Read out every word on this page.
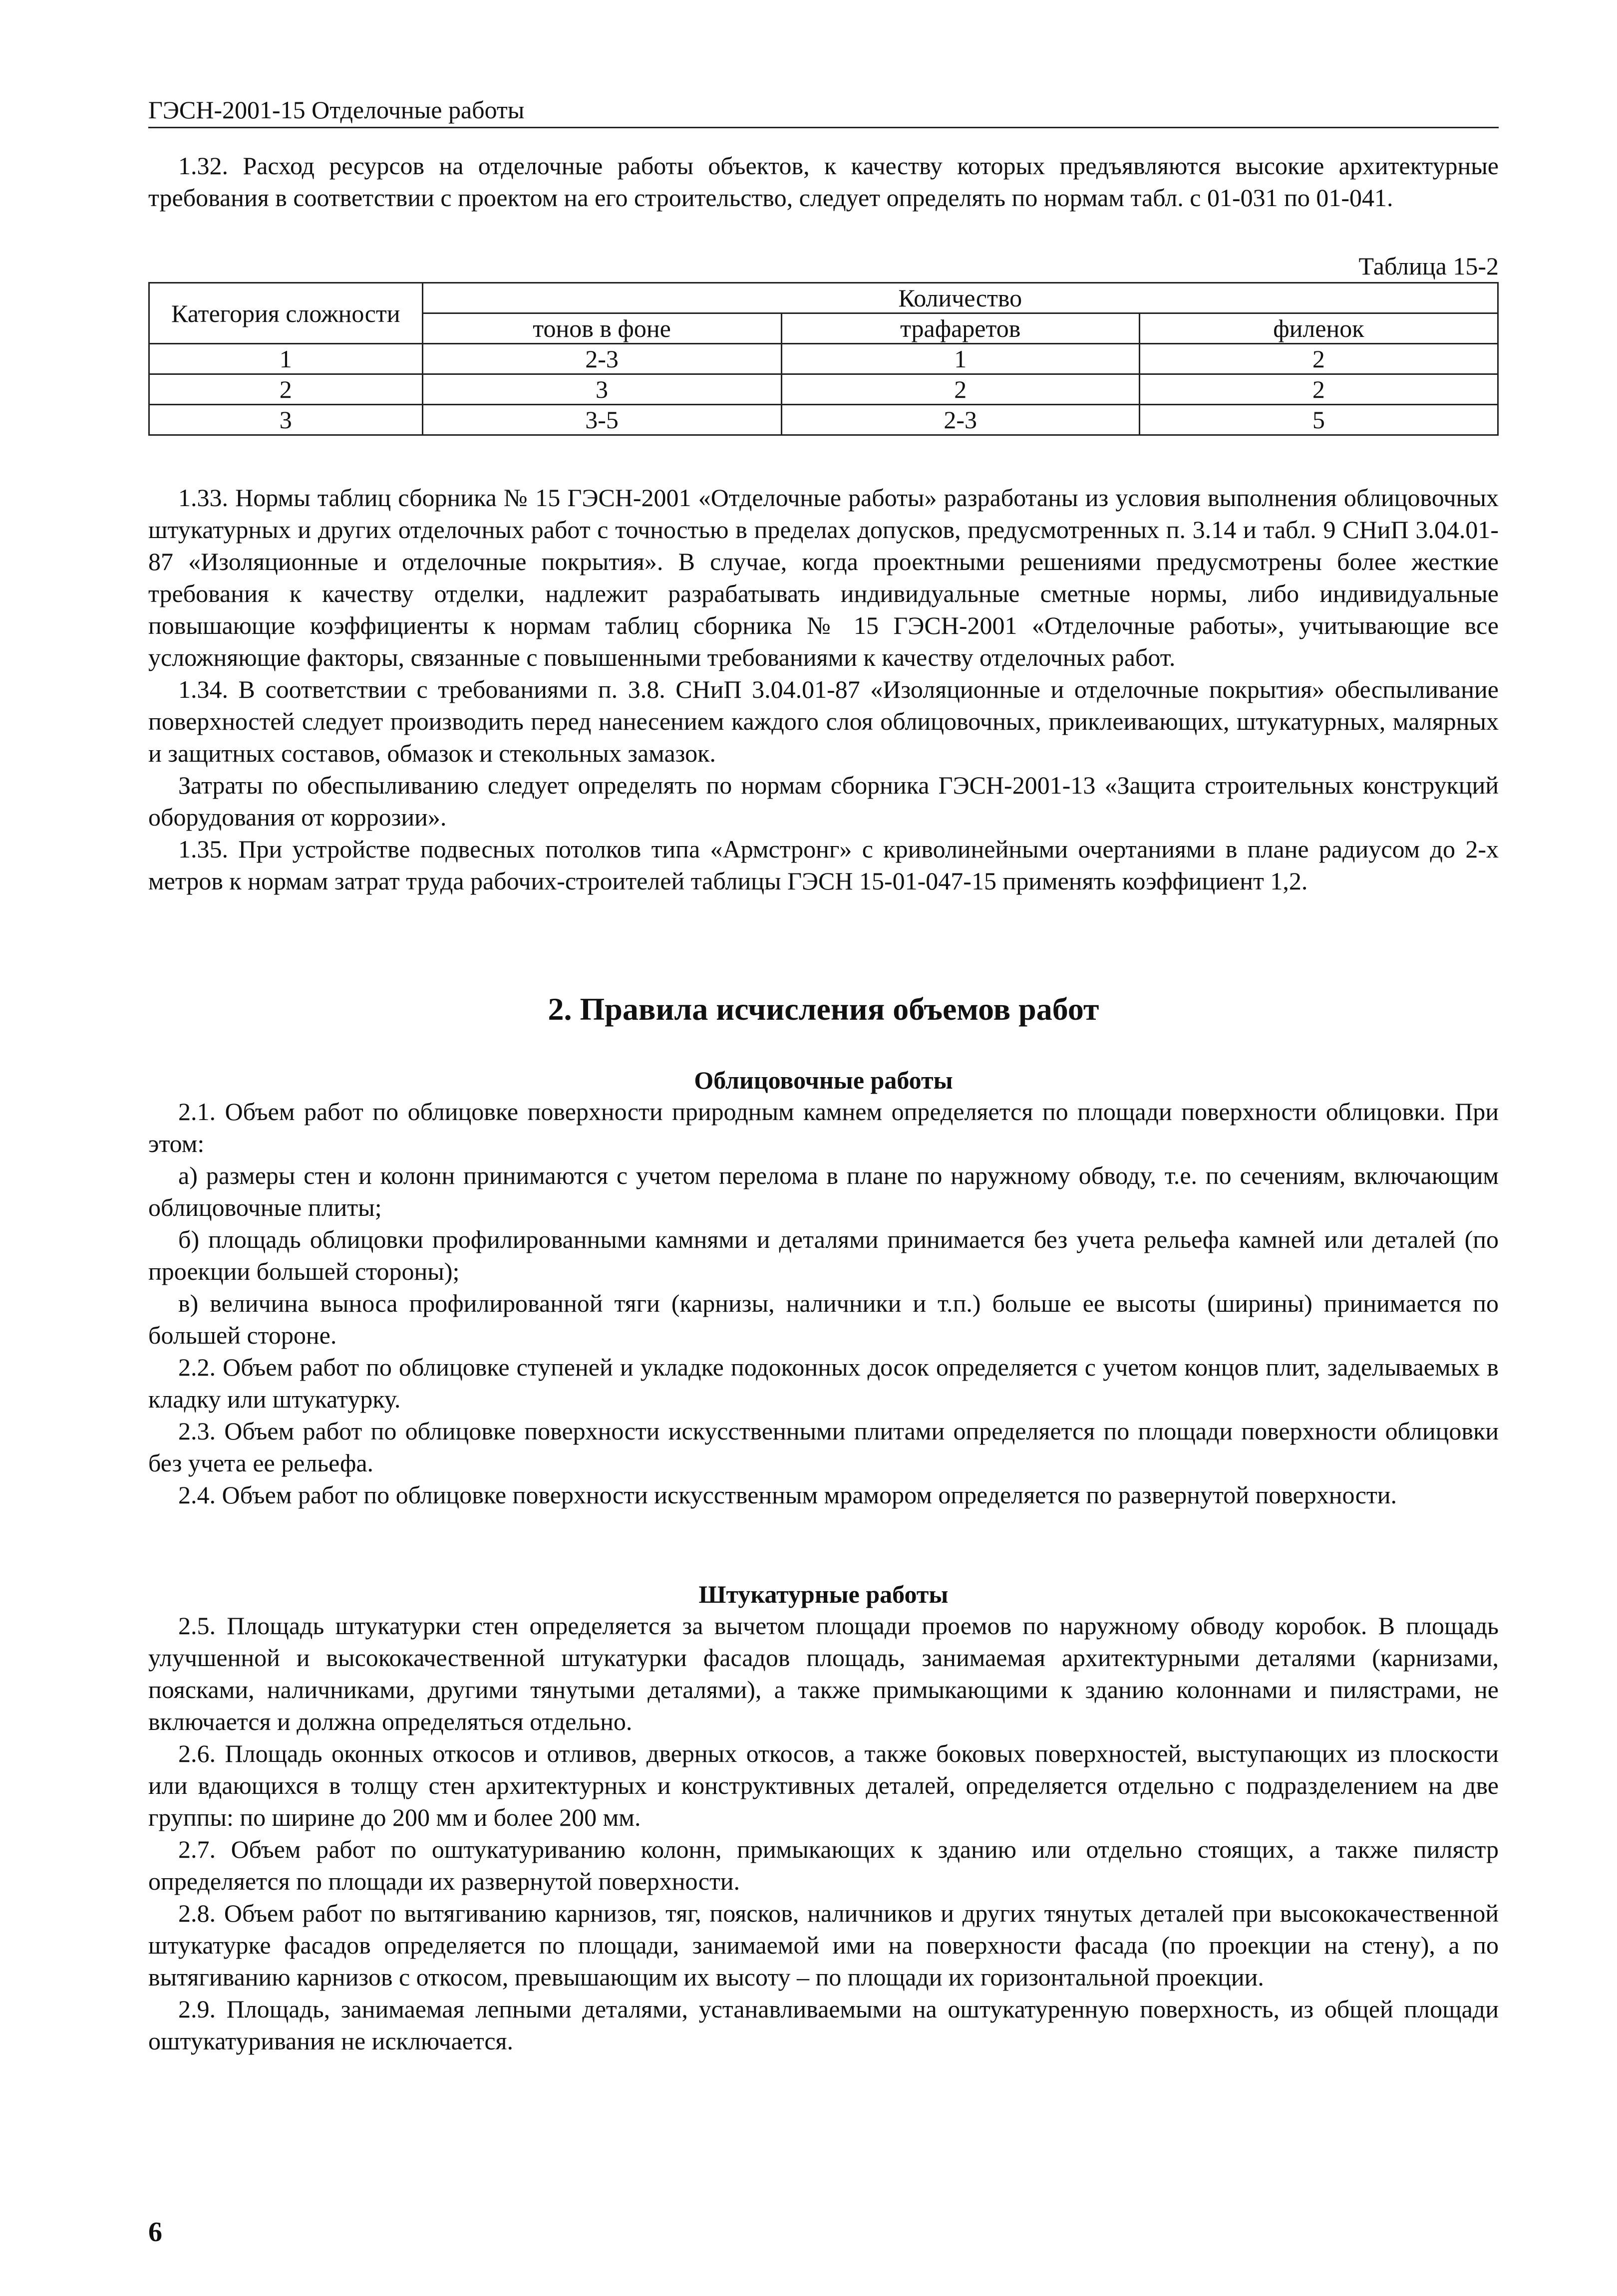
ГЭСН-2001-15 Отделочные работы

1.32. Расход ресурсов на отделочные работы объектов, к качеству которых предъявляются высокие архитектурные требования в соответствии с проектом на его строительство, следует определять по нормам табл. с 01-031 по 01-041.

Таблица 15-2
Категория сложности	Количество		
	тонов в фоне	трафаретов	филенок
1	2-3	1	2
2	3	2	2
3	3-5	2-3	5

1.33. Нормы таблиц сборника № 15 ГЭСН-2001 «Отделочные работы» разработаны из условия выполнения облицовочных штукатурных и других отделочных работ с точностью в пределах допусков, предусмотренных п. 3.14 и табл. 9 СНиП 3.04.01-87 «Изоляционные и отделочные покрытия». В случае, когда проектными решениями предусмотрены более жесткие требования к качеству отделки, надлежит разрабатывать индивидуальные сметные нормы, либо индивидуальные повышающие коэффициенты к нормам таблиц сборника № 15 ГЭСН-2001 «Отделочные работы», учитывающие все усложняющие факторы, связанные с повышенными требованиями к качеству отделочных работ.

1.34. В соответствии с требованиями п. 3.8. СНиП 3.04.01-87 «Изоляционные и отделочные покрытия» обеспыливание поверхностей следует производить перед нанесением каждого слоя облицовочных, приклеивающих, штукатурных, малярных и защитных составов, обмазок и стекольных замазок.

Затраты по обеспыливанию следует определять по нормам сборника ГЭСН-2001-13 «Защита строительных конструкций оборудования от коррозии».

1.35. При устройстве подвесных потолков типа «Армстронг» с криволинейными очертаниями в плане радиусом до 2-х метров к нормам затрат труда рабочих-строителей таблицы ГЭСН 15-01-047-15 применять коэффициент 1,2.

2. Правила исчисления объемов работ
Облицовочные работы

2.1. Объем работ по облицовке поверхности природным камнем определяется по площади поверхности облицовки. При этом:

а) размеры стен и колонн принимаются с учетом перелома в плане по наружному обводу, т.е. по сечениям, включающим облицовочные плиты;

б) площадь облицовки профилированными камнями и деталями принимается без учета рельефа камней или деталей (по проекции большей стороны);

в) величина выноса профилированной тяги (карнизы, наличники и т.п.) больше ее высоты (ширины) принимается по большей стороне.

2.2. Объем работ по облицовке ступеней и укладке подоконных досок определяется с учетом концов плит, заделываемых в кладку или штукатурку.

2.3. Объем работ по облицовке поверхности искусственными плитами определяется по площади поверхности облицовки без учета ее рельефа.

2.4. Объем работ по облицовке поверхности искусственным мрамором определяется по развернутой поверхности.

Штукатурные работы

2.5. Площадь штукатурки стен определяется за вычетом площади проемов по наружному обводу коробок. В площадь улучшенной и высококачественной штукатурки фасадов площадь, занимаемая архитектурными деталями (карнизами, поясками, наличниками, другими тянутыми деталями), а также примыкающими к зданию колоннами и пилястрами, не включается и должна определяться отдельно.

2.6. Площадь оконных откосов и отливов, дверных откосов, а также боковых поверхностей, выступающих из плоскости или вдающихся в толщу стен архитектурных и конструктивных деталей, определяется отдельно с подразделением на две группы: по ширине до 200 мм и более 200 мм.

2.7. Объем работ по оштукатуриванию колонн, примыкающих к зданию или отдельно стоящих, а также пилястр определяется по площади их развернутой поверхности.

2.8. Объем работ по вытягиванию карнизов, тяг, поясков, наличников и других тянутых деталей при высококачественной штукатурке фасадов определяется по площади, занимаемой ими на поверхности фасада (по проекции на стену), а по вытягиванию карнизов с откосом, превышающим их высоту – по площади их горизонтальной проекции.

2.9. Площадь, занимаемая лепными деталями, устанавливаемыми на оштукатуренную поверхность, из общей площади оштукатуривания не исключается.

6
